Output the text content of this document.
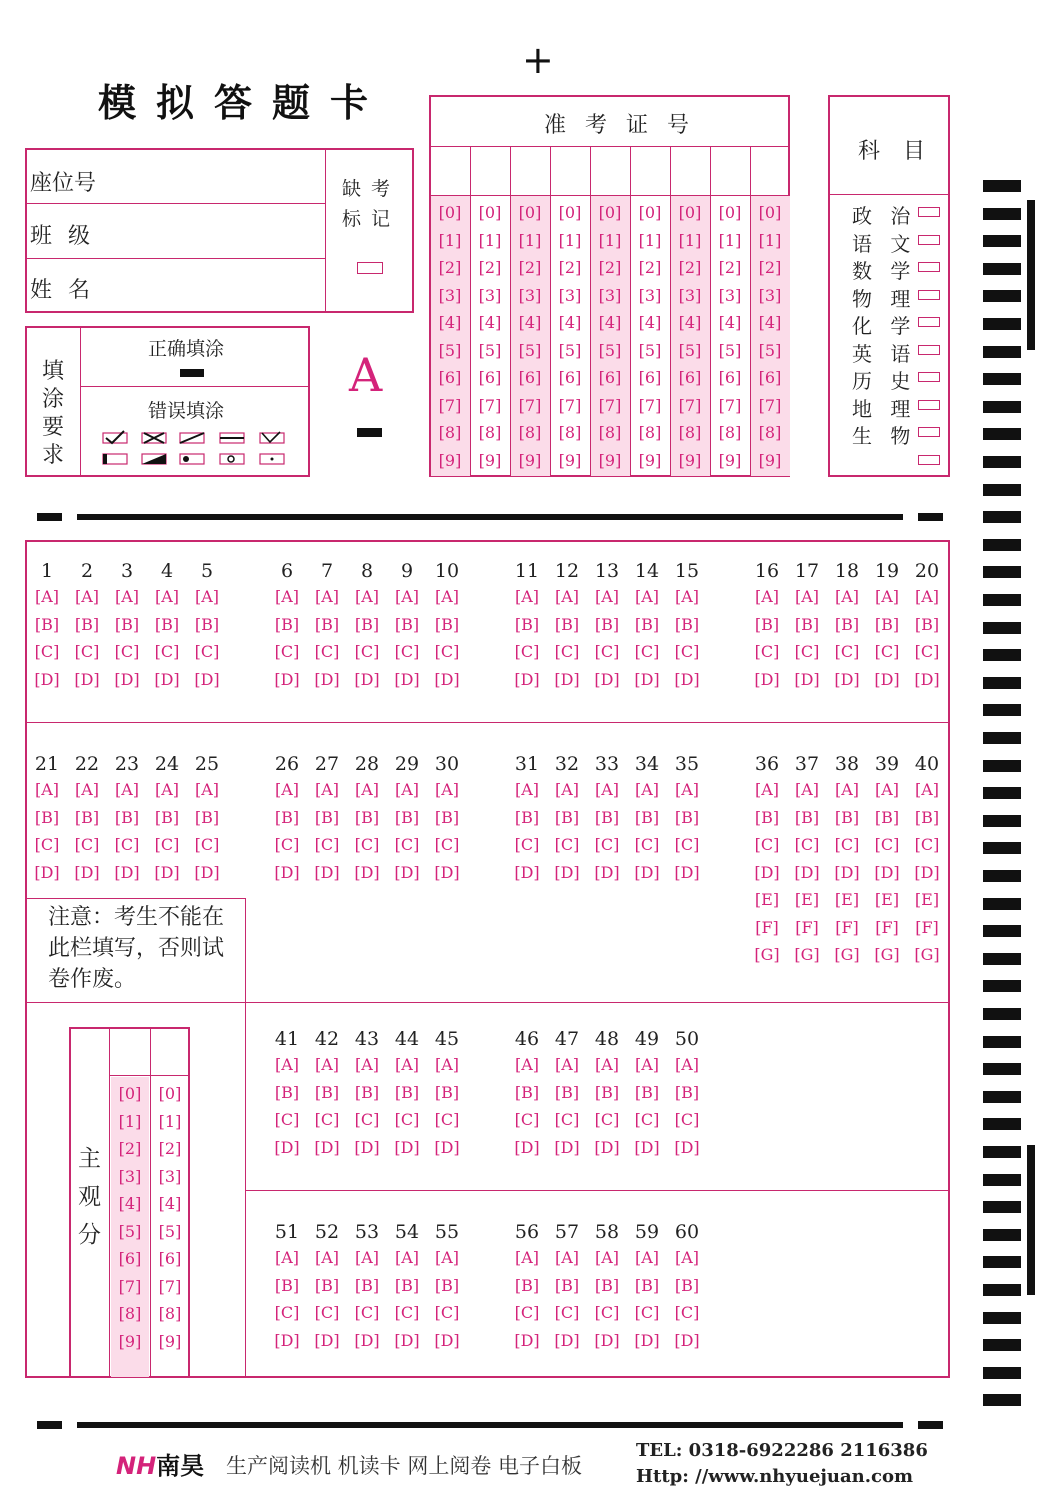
+
模拟答题卡
座位号
班级
姓名
缺考标记
填涂要求
正确填涂
错误填涂
A
准 考 证 号
[0]
[1]
[2]
[3]
[4]
[5]
[6]
[7]
[8]
[9]
[0]
[1]
[2]
[3]
[4]
[5]
[6]
[7]
[8]
[9]
[0]
[1]
[2]
[3]
[4]
[5]
[6]
[7]
[8]
[9]
[0]
[1]
[2]
[3]
[4]
[5]
[6]
[7]
[8]
[9]
[0]
[1]
[2]
[3]
[4]
[5]
[6]
[7]
[8]
[9]
[0]
[1]
[2]
[3]
[4]
[5]
[6]
[7]
[8]
[9]
[0]
[1]
[2]
[3]
[4]
[5]
[6]
[7]
[8]
[9]
[0]
[1]
[2]
[3]
[4]
[5]
[6]
[7]
[8]
[9]
[0]
[1]
[2]
[3]
[4]
[5]
[6]
[7]
[8]
[9]
科 目
政 治
语 文
数 学
物 理
化 学
英 语
历 史
地 理
生 物
1
[A]
[B]
[C]
[D]
2
[A]
[B]
[C]
[D]
3
[A]
[B]
[C]
[D]
4
[A]
[B]
[C]
[D]
5
[A]
[B]
[C]
[D]
6
[A]
[B]
[C]
[D]
7
[A]
[B]
[C]
[D]
8
[A]
[B]
[C]
[D]
9
[A]
[B]
[C]
[D]
10
[A]
[B]
[C]
[D]
11
[A]
[B]
[C]
[D]
12
[A]
[B]
[C]
[D]
13
[A]
[B]
[C]
[D]
14
[A]
[B]
[C]
[D]
15
[A]
[B]
[C]
[D]
16
[A]
[B]
[C]
[D]
17
[A]
[B]
[C]
[D]
18
[A]
[B]
[C]
[D]
19
[A]
[B]
[C]
[D]
20
[A]
[B]
[C]
[D]
21
[A]
[B]
[C]
[D]
22
[A]
[B]
[C]
[D]
23
[A]
[B]
[C]
[D]
24
[A]
[B]
[C]
[D]
25
[A]
[B]
[C]
[D]
26
[A]
[B]
[C]
[D]
27
[A]
[B]
[C]
[D]
28
[A]
[B]
[C]
[D]
29
[A]
[B]
[C]
[D]
30
[A]
[B]
[C]
[D]
31
[A]
[B]
[C]
[D]
32
[A]
[B]
[C]
[D]
33
[A]
[B]
[C]
[D]
34
[A]
[B]
[C]
[D]
35
[A]
[B]
[C]
[D]
36
[A]
[B]
[C]
[D]
[E]
[F]
[G]
37
[A]
[B]
[C]
[D]
[E]
[F]
[G]
38
[A]
[B]
[C]
[D]
[E]
[F]
[G]
39
[A]
[B]
[C]
[D]
[E]
[F]
[G]
40
[A]
[B]
[C]
[D]
[E]
[F]
[G]
41
[A]
[B]
[C]
[D]
42
[A]
[B]
[C]
[D]
43
[A]
[B]
[C]
[D]
44
[A]
[B]
[C]
[D]
45
[A]
[B]
[C]
[D]
46
[A]
[B]
[C]
[D]
47
[A]
[B]
[C]
[D]
48
[A]
[B]
[C]
[D]
49
[A]
[B]
[C]
[D]
50
[A]
[B]
[C]
[D]
51
[A]
[B]
[C]
[D]
52
[A]
[B]
[C]
[D]
53
[A]
[B]
[C]
[D]
54
[A]
[B]
[C]
[D]
55
[A]
[B]
[C]
[D]
56
[A]
[B]
[C]
[D]
57
[A]
[B]
[C]
[D]
58
[A]
[B]
[C]
[D]
59
[A]
[B]
[C]
[D]
60
[A]
[B]
[C]
[D]
注意：考生不能在此栏填写，否则试卷作废。
主观分
[0]
[1]
[2]
[3]
[4]
[5]
[6]
[7]
[8]
[9]
[0]
[1]
[2]
[3]
[4]
[5]
[6]
[7]
[8]
[9]
NH南昊 生产阅读机 机读卡 网上阅卷 电子白板
TEL: 0318-6922286 2116386
Http: //www.nhyuejuan.com
